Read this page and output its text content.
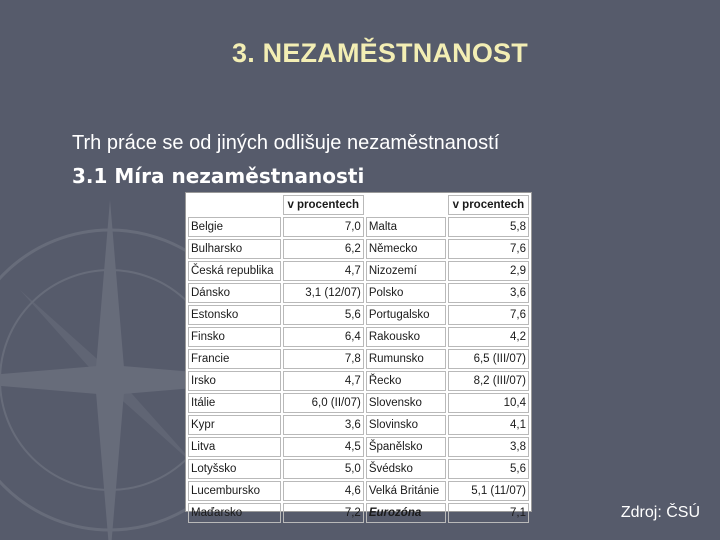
3. NEZAMĚSTNANOST
Trh práce se od jiných odlišuje nezaměstnaností
3.1 Míra nezaměstnanosti
	v procentech		v procentech
Belgie	7,0	Malta	5,8
Bulharsko	6,2	Německo	7,6
Česká republika	4,7	Nizozemí	2,9
Dánsko	3,1 (12/07)	Polsko	3,6
Estonsko	5,6	Portugalsko	7,6
Finsko	6,4	Rakousko	4,2
Francie	7,8	Rumunsko	6,5 (III/07)
Irsko	4,7	Řecko	8,2 (III/07)
Itálie	6,0 (II/07)	Slovensko	10,4
Kypr	3,6	Slovinsko	4,1
Litva	4,5	Španělsko	3,8
Lotyšsko	5,0	Švédsko	5,6
Lucembursko	4,6	Velká Británie	5,1 (11/07)
Maďarsko	7,2	Eurozóna	7,1	Zdroj: ČSÚ
